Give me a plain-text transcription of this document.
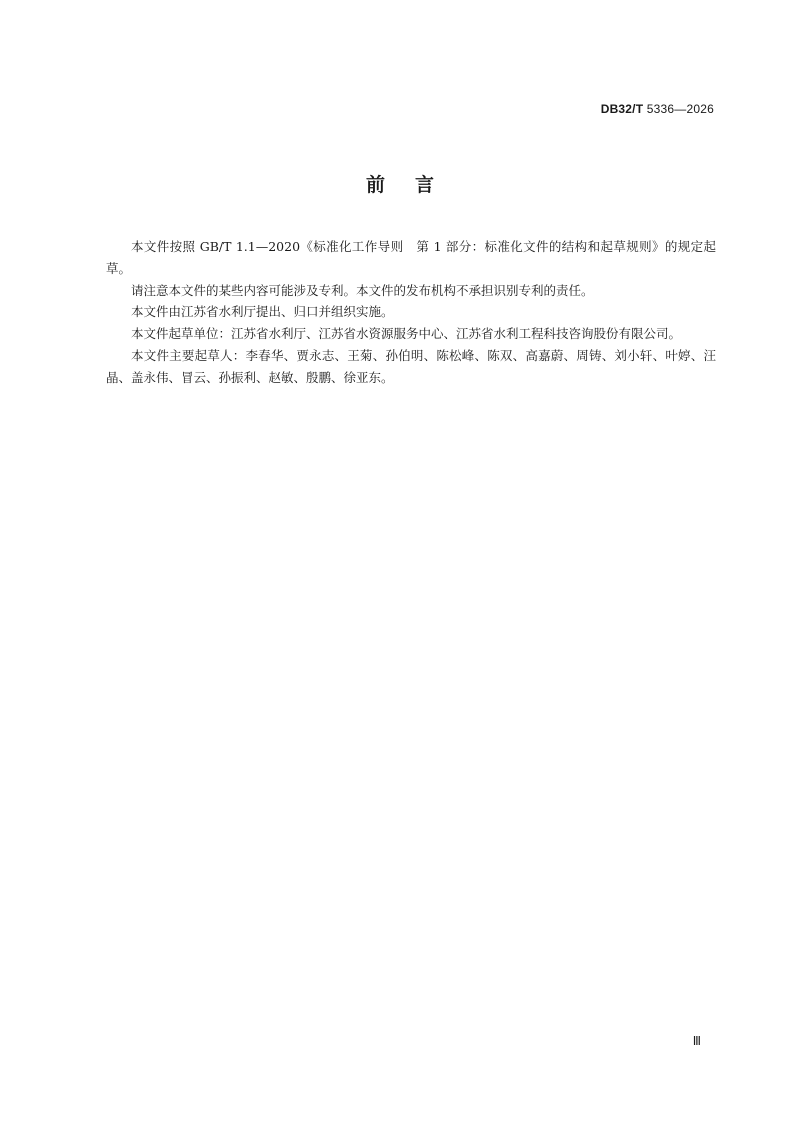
DB32/T 5336—2026
前言

本文件按照 GB/T 1.1—2020《标准化工作导则　第 1 部分：标准化文件的结构和起草规则》的规定起草。

请注意本文件的某些内容可能涉及专利。本文件的发布机构不承担识别专利的责任。

本文件由江苏省水利厅提出、归口并组织实施。

本文件起草单位：江苏省水利厅、江苏省水资源服务中心、江苏省水利工程科技咨询股份有限公司。

本文件主要起草人：李春华、贾永志、王菊、孙伯明、陈松峰、陈双、高嘉蔚、周铸、刘小轩、叶婷、汪晶、盖永伟、冒云、孙振利、赵敏、殷鹏、徐亚东。

Ⅲ
